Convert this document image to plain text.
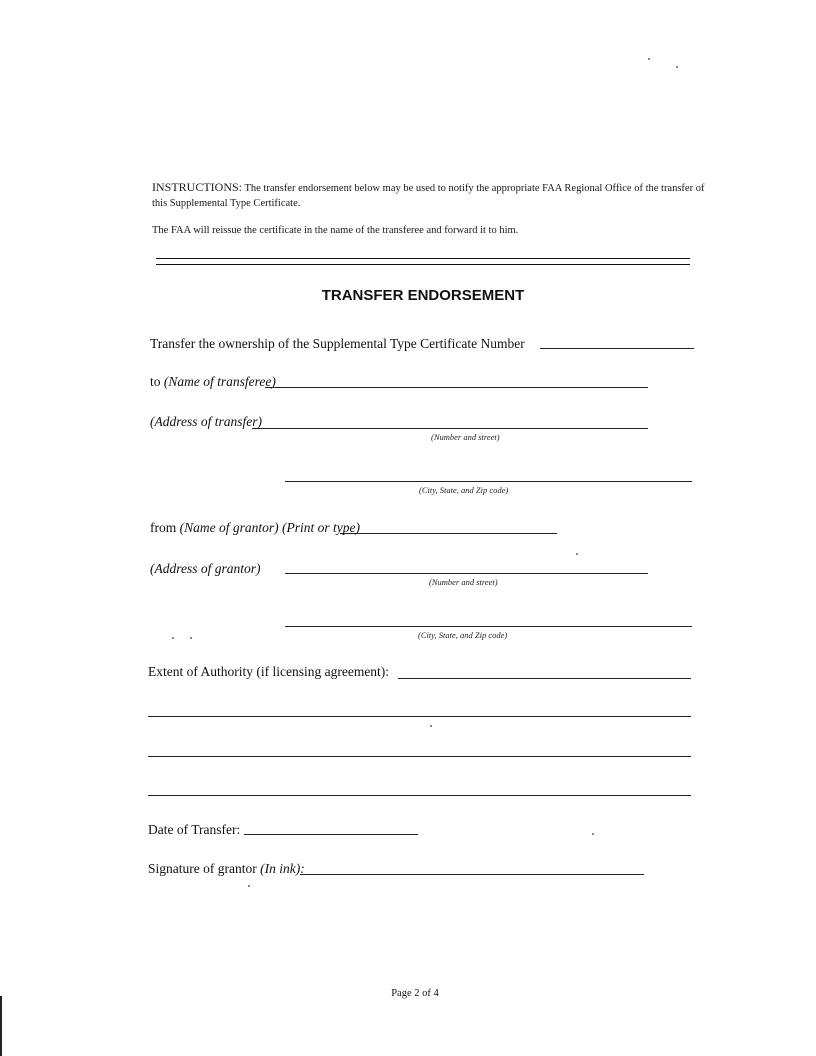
INSTRUCTIONS: The transfer endorsement below may be used to notify the appropriate FAA Regional Office of the transfer of this Supplemental Type Certificate.
The FAA will reissue the certificate in the name of the transferee and forward it to him.
TRANSFER ENDORSEMENT
Transfer the ownership of the Supplemental Type Certificate Number
to (Name of transferee)
(Address of transfer)
(Number and street)
(City, State, and Zip code)
from (Name of grantor) (Print or type)
(Address of grantor)
(Number and street)
(City, State, and Zip code)
Extent of Authority (if licensing agreement):
Date of Transfer:
Signature of grantor (In ink):
Page 2 of 4
